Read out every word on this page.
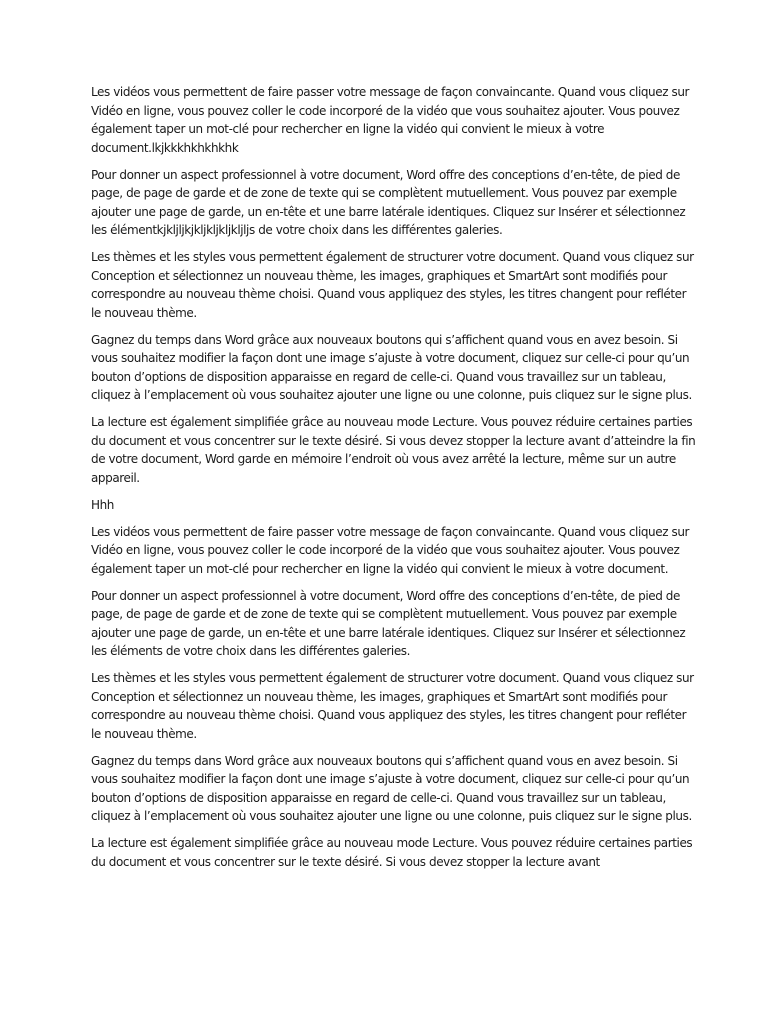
Les vidéos vous permettent de faire passer votre message de façon convaincante. Quand vous cliquez sur Vidéo en ligne, vous pouvez coller le code incorporé de la vidéo que vous souhaitez ajouter. Vous pouvez également taper un mot-clé pour rechercher en ligne la vidéo qui convient le mieux à votre document.lkjkkkhkhkhkhk

Pour donner un aspect professionnel à votre document, Word offre des conceptions d’en-tête, de pied de page, de page de garde et de zone de texte qui se complètent mutuellement. Vous pouvez par exemple ajouter une page de garde, un en-tête et une barre latérale identiques. Cliquez sur Insérer et sélectionnez les élémentkjkljljkjkljkljkljkljljs de votre choix dans les différentes galeries.

Les thèmes et les styles vous permettent également de structurer votre document. Quand vous cliquez sur Conception et sélectionnez un nouveau thème, les images, graphiques et SmartArt sont modifiés pour correspondre au nouveau thème choisi. Quand vous appliquez des styles, les titres changent pour refléter le nouveau thème.

Gagnez du temps dans Word grâce aux nouveaux boutons qui s’affichent quand vous en avez besoin. Si vous souhaitez modifier la façon dont une image s’ajuste à votre document, cliquez sur celle-ci pour qu’un bouton d’options de disposition apparaisse en regard de celle-ci. Quand vous travaillez sur un tableau, cliquez à l’emplacement où vous souhaitez ajouter une ligne ou une colonne, puis cliquez sur le signe plus.

La lecture est également simplifiée grâce au nouveau mode Lecture. Vous pouvez réduire certaines parties du document et vous concentrer sur le texte désiré. Si vous devez stopper la lecture avant d’atteindre la fin de votre document, Word garde en mémoire l’endroit où vous avez arrêté la lecture, même sur un autre appareil.

Hhh

Les vidéos vous permettent de faire passer votre message de façon convaincante. Quand vous cliquez sur Vidéo en ligne, vous pouvez coller le code incorporé de la vidéo que vous souhaitez ajouter. Vous pouvez également taper un mot-clé pour rechercher en ligne la vidéo qui convient le mieux à votre document.

Pour donner un aspect professionnel à votre document, Word offre des conceptions d’en-tête, de pied de page, de page de garde et de zone de texte qui se complètent mutuellement. Vous pouvez par exemple ajouter une page de garde, un en-tête et une barre latérale identiques. Cliquez sur Insérer et sélectionnez les éléments de votre choix dans les différentes galeries.

Les thèmes et les styles vous permettent également de structurer votre document. Quand vous cliquez sur Conception et sélectionnez un nouveau thème, les images, graphiques et SmartArt sont modifiés pour correspondre au nouveau thème choisi. Quand vous appliquez des styles, les titres changent pour refléter le nouveau thème.

Gagnez du temps dans Word grâce aux nouveaux boutons qui s’affichent quand vous en avez besoin. Si vous souhaitez modifier la façon dont une image s’ajuste à votre document, cliquez sur celle-ci pour qu’un bouton d’options de disposition apparaisse en regard de celle-ci. Quand vous travaillez sur un tableau, cliquez à l’emplacement où vous souhaitez ajouter une ligne ou une colonne, puis cliquez sur le signe plus.

La lecture est également simplifiée grâce au nouveau mode Lecture. Vous pouvez réduire certaines parties du document et vous concentrer sur le texte désiré. Si vous devez stopper la lecture avant
